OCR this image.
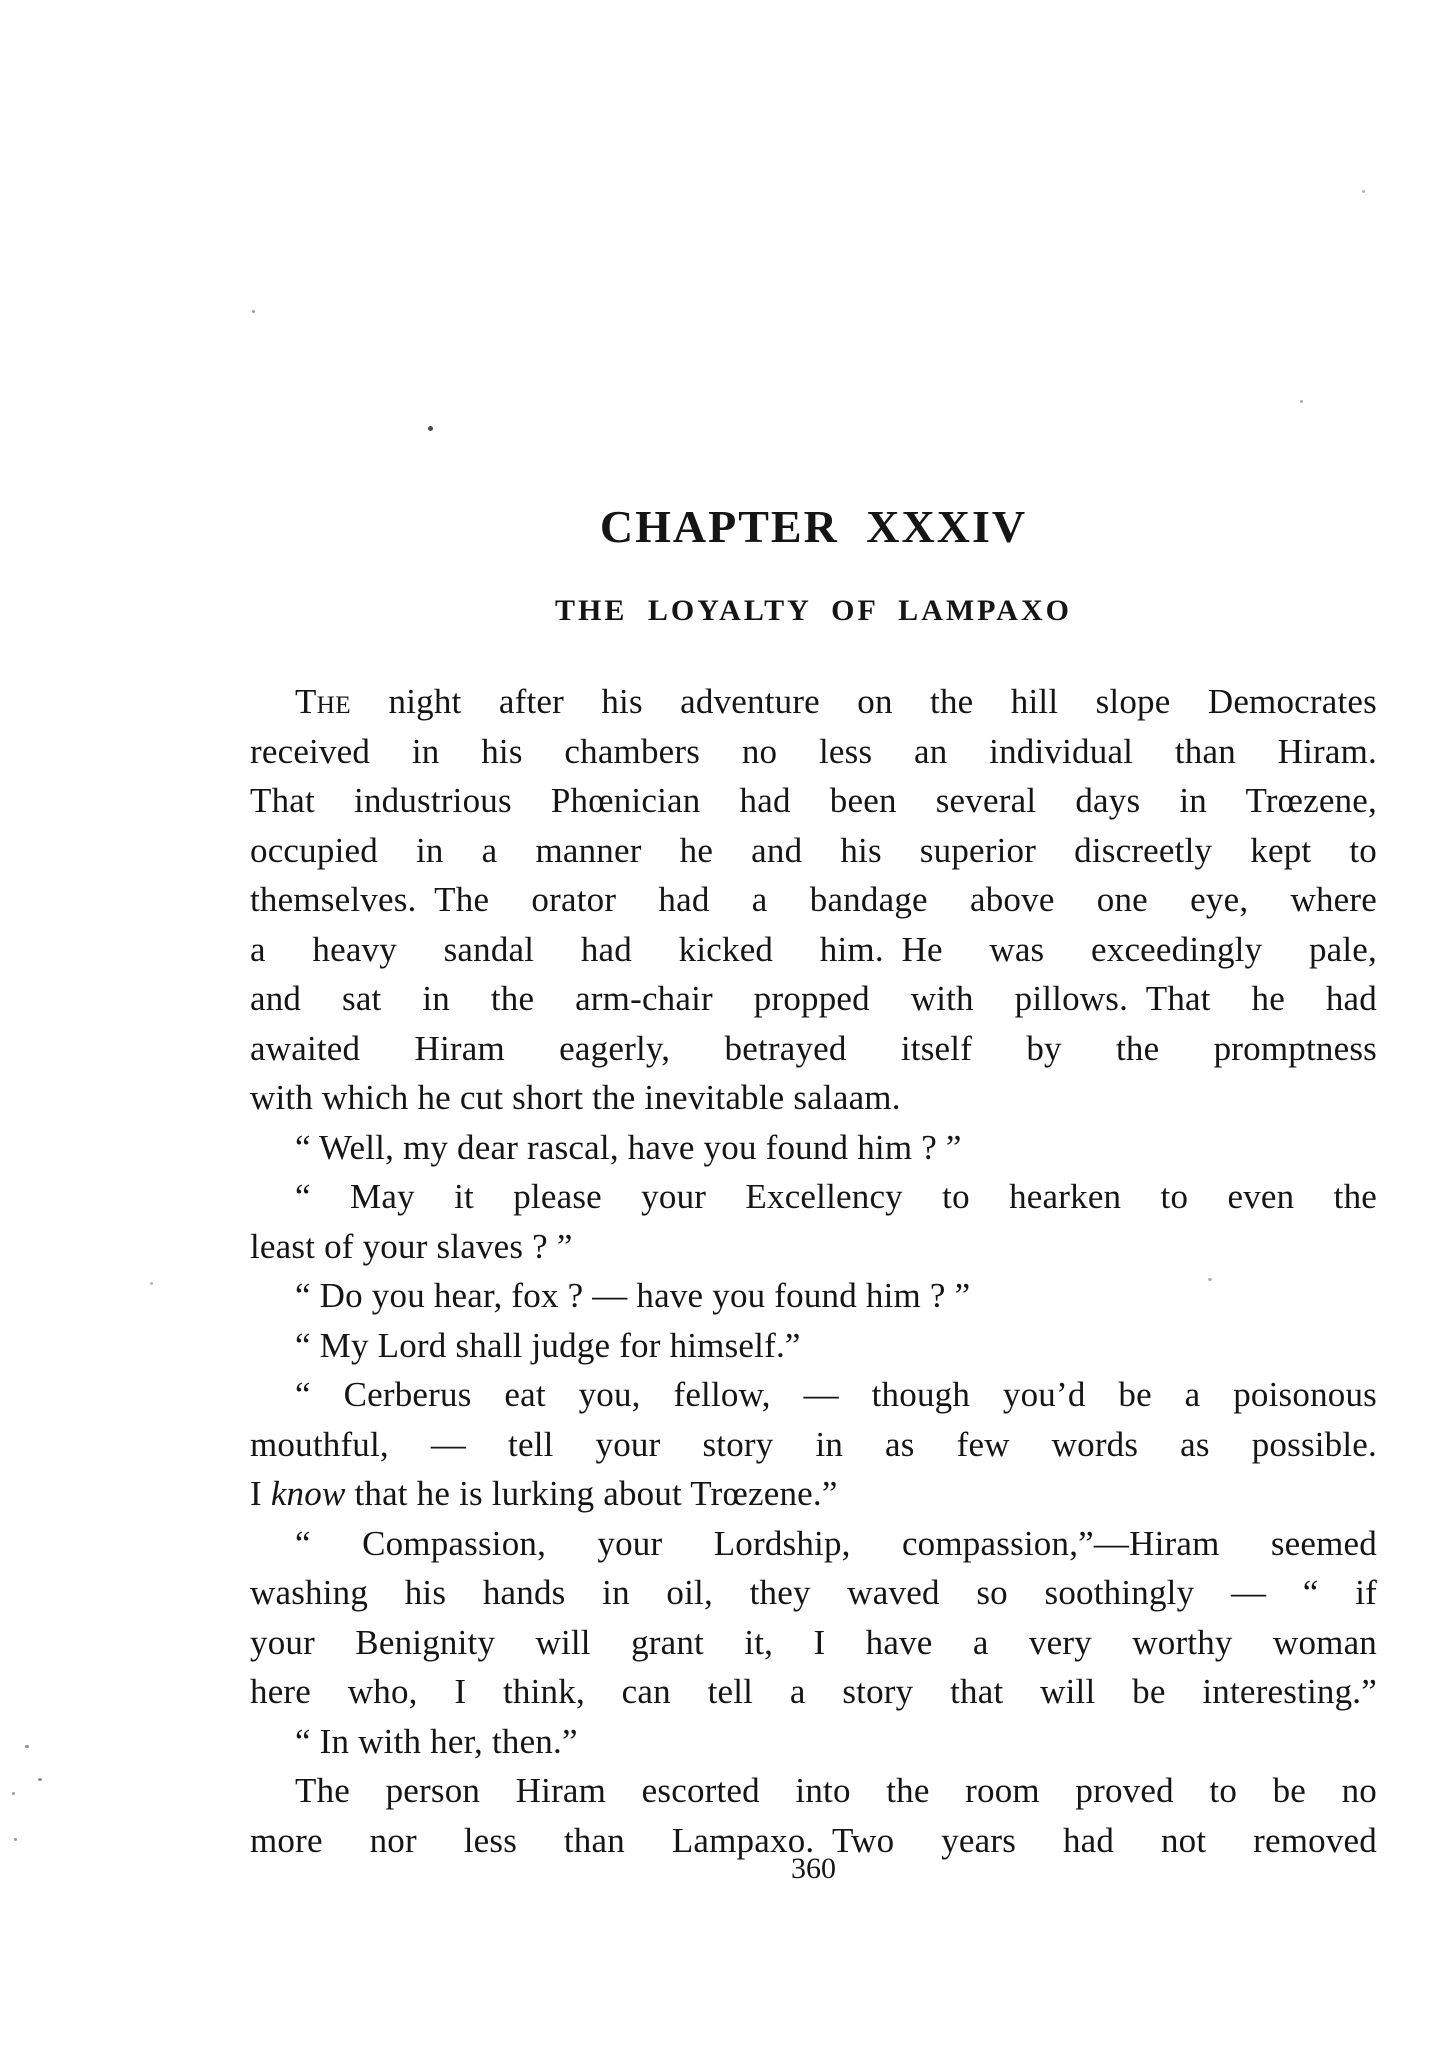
CHAPTER XXXIV
THE LOYALTY OF LAMPAXO
THE night after his adventure on the hill slope Democrates
received in his chambers no less an individual than Hiram.
That industrious Phœnician had been several days in Trœzene,
occupied in a manner he and his superior discreetly kept to
themselves. The orator had a bandage above one eye, where
a heavy sandal had kicked him. He was exceedingly pale,
and sat in the arm-chair propped with pillows. That he had
awaited Hiram eagerly, betrayed itself by the promptness
with which he cut short the inevitable salaam.
“ Well, my dear rascal, have you found him ? ”
“ May it please your Excellency to hearken to even the
least of your slaves ? ”
“ Do you hear, fox ? — have you found him ? ”
“ My Lord shall judge for himself.”
“ Cerberus eat you, fellow, — though you’d be a poisonous
mouthful, — tell your story in as few words as possible.
I know that he is lurking about Trœzene.”
“ Compassion, your Lordship, compassion,”—Hiram seemed
washing his hands in oil, they waved so soothingly — “ if
your Benignity will grant it, I have a very worthy woman
here who, I think, can tell a story that will be interesting.”
“ In with her, then.”
The person Hiram escorted into the room proved to be no
more nor less than Lampaxo. Two years had not removed
360
